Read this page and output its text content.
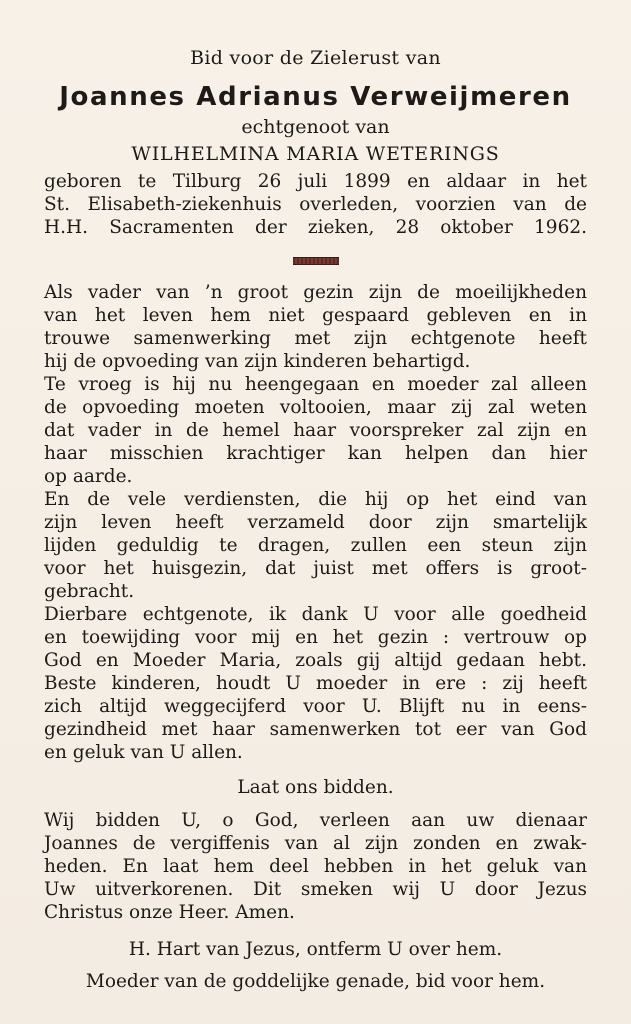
Bid voor de Zielerust van
Joannes Adrianus Verweijmeren
echtgenoot van
WILHELMINA MARIA WETERINGS
geboren te Tilburg 26 juli 1899 en aldaar in het
St. Elisabeth-ziekenhuis overleden, voorzien van de
H.H. Sacramenten der zieken, 28 oktober 1962.
Als vader van ’n groot gezin zijn de moeilijkheden
van het leven hem niet gespaard gebleven en in
trouwe samenwerking met zijn echtgenote heeft
hij de opvoeding van zijn kinderen behartigd.
Te vroeg is hij nu heengegaan en moeder zal alleen
de opvoeding moeten voltooien, maar zij zal weten
dat vader in de hemel haar voorspreker zal zijn en
haar misschien krachtiger kan helpen dan hier
op aarde.
En de vele verdiensten, die hij op het eind van
zijn leven heeft verzameld door zijn smartelijk
lijden geduldig te dragen, zullen een steun zijn
voor het huisgezin, dat juist met offers is groot-
gebracht.
Dierbare echtgenote, ik dank U voor alle goedheid
en toewijding voor mij en het gezin : vertrouw op
God en Moeder Maria, zoals gij altijd gedaan hebt.
Beste kinderen, houdt U moeder in ere : zij heeft
zich altijd weggecijferd voor U. Blijft nu in eens-
gezindheid met haar samenwerken tot eer van God
en geluk van U allen.
Laat ons bidden.
Wij bidden U, o God, verleen aan uw dienaar
Joannes de vergiffenis van al zijn zonden en zwak-
heden. En laat hem deel hebben in het geluk van
Uw uitverkorenen. Dit smeken wij U door Jezus
Christus onze Heer. Amen.
H. Hart van Jezus, ontferm U over hem.
Moeder van de goddelijke genade, bid voor hem.
